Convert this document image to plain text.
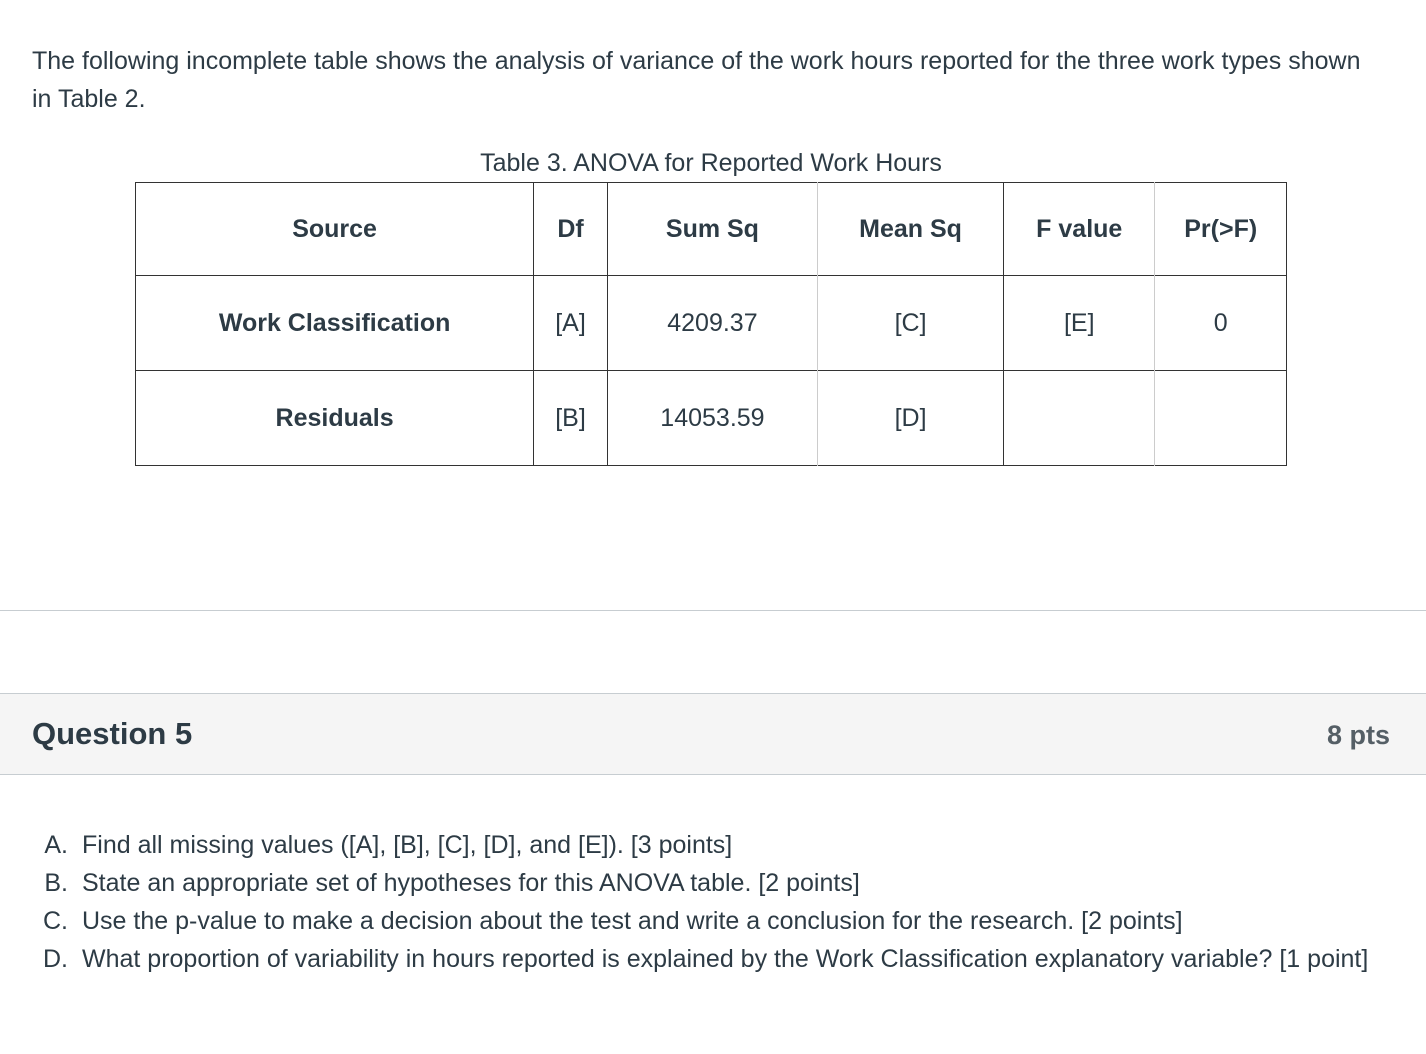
The following incomplete table shows the analysis of variance of the work hours reported for the three work types shown in Table 2.

Table 3. ANOVA for Reported Work Hours
Source	Df	Sum Sq	Mean Sq	F value	Pr(>F)
Work Classification	[A]	4209.37	[C]	[E]	0
Residuals	[B]	14053.59	[D]		
Question 5	8 pts
A. Find all missing values ([A], [B], [C], [D], and [E]). [3 points]
B. State an appropriate set of hypotheses for this ANOVA table. [2 points]
C. Use the p-value to make a decision about the test and write a conclusion for the research. [2 points]
D. What proportion of variability in hours reported is explained by the Work Classification explanatory variable? [1 point]
